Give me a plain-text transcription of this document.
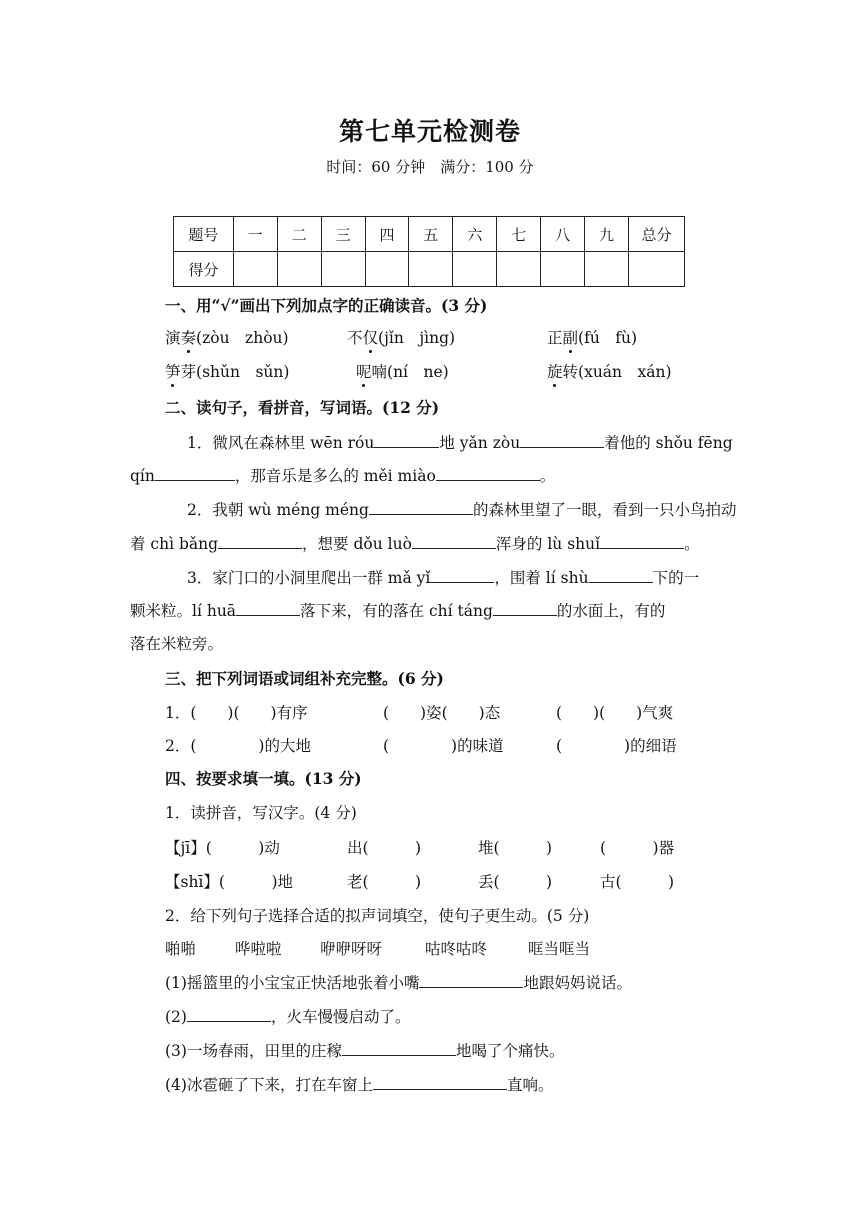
第七单元检测卷
时间：60 分钟　满分：100 分
题号	一	二	三	四	五	六	七	八	九	总分
得分										
一、用“√”画出下列加点字的正确读音。(3 分)
演奏(zòu　zhòu)	不仅(jǐn　jìng)	正副(fú　fù)
笋芽(shǔn　sǔn)	呢喃(ní　ne)	旋转(xuán　xán)
二、读句子，看拼音，写词语。(12 分)
1．微风在森林里 wēn róu	地 yǎn zòu	着他的 shǒu fēng
qín	，那音乐是多么的 měi miào	。
2．我朝 wù méng méng	的森林里望了一眼，看到一只小鸟拍动
着 chì bǎng	，想要 dǒu luò	浑身的 lù shuǐ	。
3．家门口的小洞里爬出一群 mǎ yǐ	，围着 lí shù	下的一
颗米粒。lí huā	落下来，有的落在 chí táng	的水面上，有的
落在米粒旁。
三、把下列词语或词组补充完整。(6 分)
1．(　　)(　　)有序	(　　)姿(　　)态	(　　)(　　)气爽
2．(　　　　)的大地	(　　　　)的味道	(　　　　)的细语
四、按要求填一填。(13 分)
1．读拼音，写汉字。(4 分)
【jī】(　　　)动	出(　　　)	堆(　　　)	(　　　)器
【shī】(　　　)地	老(　　　)	丢(　　　)	古(　　　)
2．给下列句子选择合适的拟声词填空，使句子更生动。(5 分)
啪啪	哗啦啦 咿咿呀呀	咕咚咕咚	哐当哐当
(1)摇篮里的小宝宝正快活地张着小嘴	地跟妈妈说话。
(2)	，火车慢慢启动了。
(3)一场春雨，田里的庄稼	地喝了个痛快。
(4)冰雹砸了下来，打在车窗上	直响。
